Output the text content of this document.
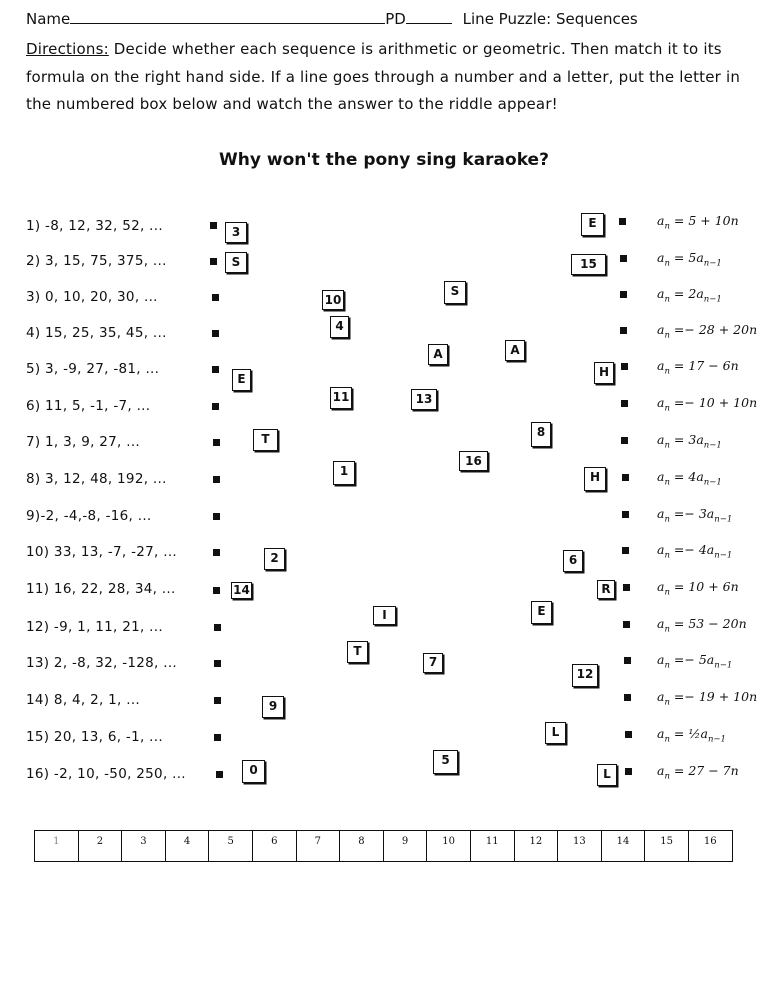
Name	PD	Line Puzzle: Sequences
Directions: Decide whether each sequence is arithmetic or geometric. Then match it to its formula on the right hand side. If a line goes through a number and a letter, put the letter in the numbered box below and watch the answer to the riddle appear!
Why won't the pony sing karaoke?
1) -8, 12, 32, 52, ...
2) 3, 15, 75, 375, ...
3) 0, 10, 20, 30, ...
4) 15, 25, 35, 45, ...
5) 3, -9, 27, -81, ...
6) 11, 5, -1, -7, ...
7) 1, 3, 9, 27, ...
8) 3, 12, 48, 192, ...
9)-2, -4,-8, -16, ...
10) 33, 13, -7, -27, ...
11) 16, 22, 28, 34, ...
12) -9, 1, 11, 21, ...
13) 2, -8, 32, -128, ...
14) 8, 4, 2, 1, ...
15) 20, 13, 6, -1, ...
16) -2, 10, -50, 250, ...
$a_n = 5 + 10n$
$a_n = 5a_{n-1}$
$a_n = 2a_{n-1}$
$a_n =- 28 + 20n$
$a_n = 17 - 6n$
$a_n =- 10 + 10n$
$a_n = 3a_{n-1}$
$a_n = 4a_{n-1}$
$a_n =- 3a_{n-1}$
$a_n =- 4a_{n-1}$
$a_n = 10 + 6n$
$a_n = 53 - 20n$
$a_n =- 5a_{n-1}$
$a_n =- 19 + 10n$
$a_n$ = $\frac{1}{2}a_{n-1}$
$a_n = 27 - 7n$
3
S
E
15
10
S
4
A	A
E	H
11	13
T	8
16
1	H
2	6
14	R
I	E
T
7
12
9
L
0
5
L
1	2	3	4	5	6	7	8	9	10	11	12	13	14	15	16
